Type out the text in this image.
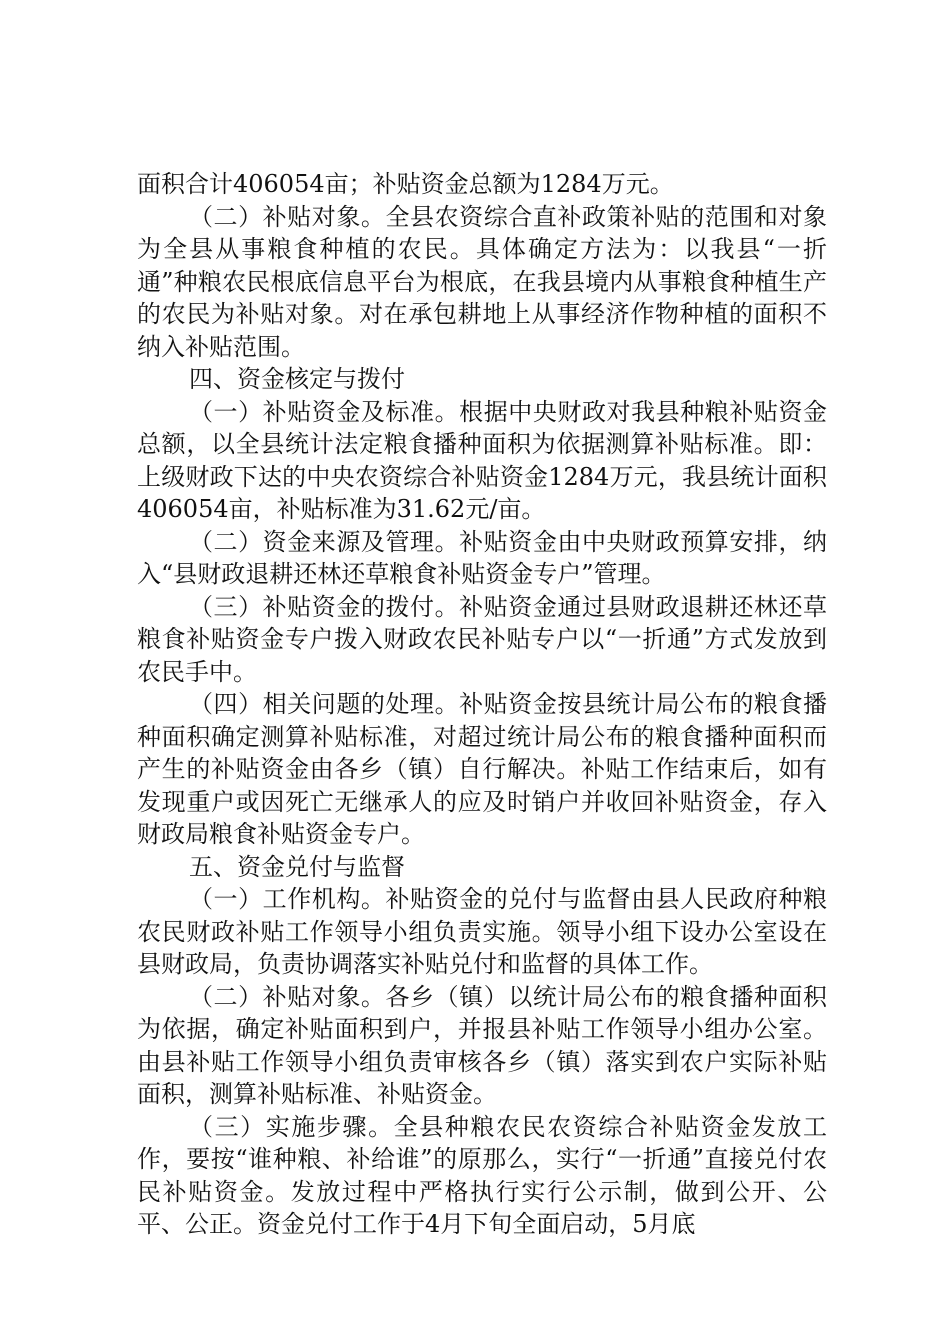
面积合计406054亩；补贴资金总额为1284万元。

（二）补贴对象。全县农资综合直补政策补贴的范围和对象为全县从事粮食种植的农民。具体确定方法为：以我县“一折通”种粮农民根底信息平台为根底，在我县境内从事粮食种植生产的农民为补贴对象。对在承包耕地上从事经济作物种植的面积不纳入补贴范围。

四、资金核定与拨付

（一）补贴资金及标准。根据中央财政对我县种粮补贴资金总额，以全县统计法定粮食播种面积为依据测算补贴标准。即：上级财政下达的中央农资综合补贴资金1284万元，我县统计面积406054亩，补贴标准为31.62元/亩。

（二）资金来源及管理。补贴资金由中央财政预算安排，纳入“县财政退耕还林还草粮食补贴资金专户”管理。

（三）补贴资金的拨付。补贴资金通过县财政退耕还林还草粮食补贴资金专户拨入财政农民补贴专户以“一折通”方式发放到农民手中。

（四）相关问题的处理。补贴资金按县统计局公布的粮食播种面积确定测算补贴标准，对超过统计局公布的粮食播种面积而产生的补贴资金由各乡（镇）自行解决。补贴工作结束后，如有发现重户或因死亡无继承人的应及时销户并收回补贴资金，存入财政局粮食补贴资金专户。

五、资金兑付与监督

（一）工作机构。补贴资金的兑付与监督由县人民政府种粮农民财政补贴工作领导小组负责实施。领导小组下设办公室设在县财政局，负责协调落实补贴兑付和监督的具体工作。

（二）补贴对象。各乡（镇）以统计局公布的粮食播种面积为依据，确定补贴面积到户，并报县补贴工作领导小组办公室。由县补贴工作领导小组负责审核各乡（镇）落实到农户实际补贴面积，测算补贴标准、补贴资金。

（三）实施步骤。全县种粮农民农资综合补贴资金发放工作，要按“谁种粮、补给谁”的原那么，实行“一折通”直接兑付农民补贴资金。发放过程中严格执行实行公示制，做到公开、公平、公正。资金兑付工作于4月下旬全面启动，5月底
